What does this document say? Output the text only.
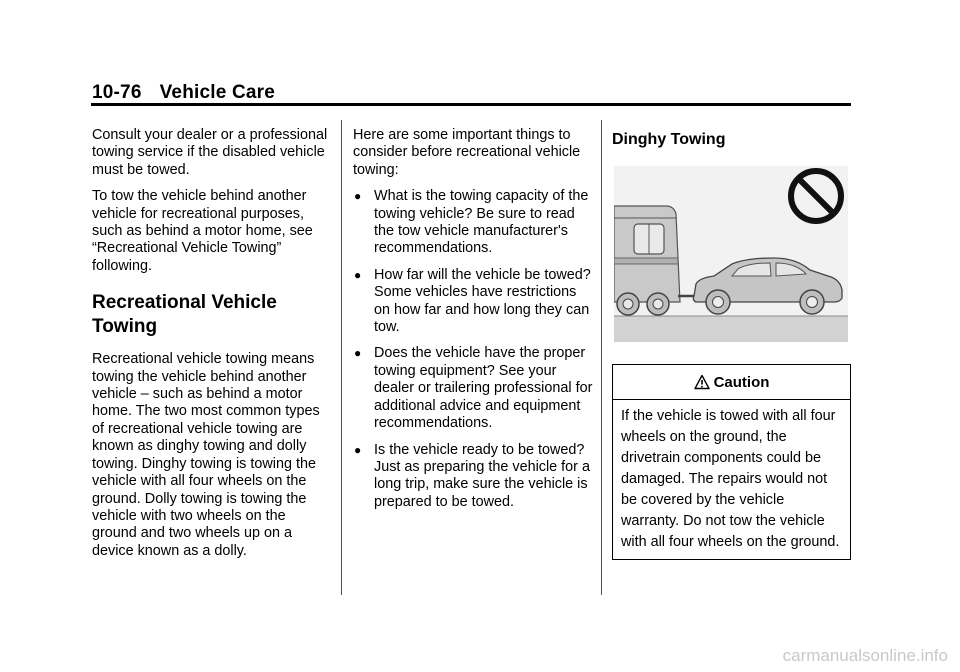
10-76 Vehicle Care

Consult your dealer or a professional towing service if the disabled vehicle must be towed.

To tow the vehicle behind another vehicle for recreational purposes, such as behind a motor home, see “Recreational Vehicle Towing” following.

Recreational Vehicle Towing

Recreational vehicle towing means towing the vehicle behind another vehicle – such as behind a motor home. The two most common types of recreational vehicle towing are known as dinghy towing and dolly towing. Dinghy towing is towing the vehicle with all four wheels on the ground. Dolly towing is towing the vehicle with two wheels on the ground and two wheels up on a device known as a dolly.

Here are some important things to consider before recreational vehicle towing:

● What is the towing capacity of the towing vehicle? Be sure to read the tow vehicle manufacturer's recommendations.
● How far will the vehicle be towed? Some vehicles have restrictions on how far and how long they can tow.
● Does the vehicle have the proper towing equipment? See your dealer or trailering professional for additional advice and equipment recommendations.
● Is the vehicle ready to be towed? Just as preparing the vehicle for a long trip, make sure the vehicle is prepared to be towed.
Dinghy Towing
Caution
If the vehicle is towed with all four wheels on the ground, the drivetrain components could be damaged. The repairs would not be covered by the vehicle warranty. Do not tow the vehicle with all four wheels on the ground.
carmanualsonline.info
